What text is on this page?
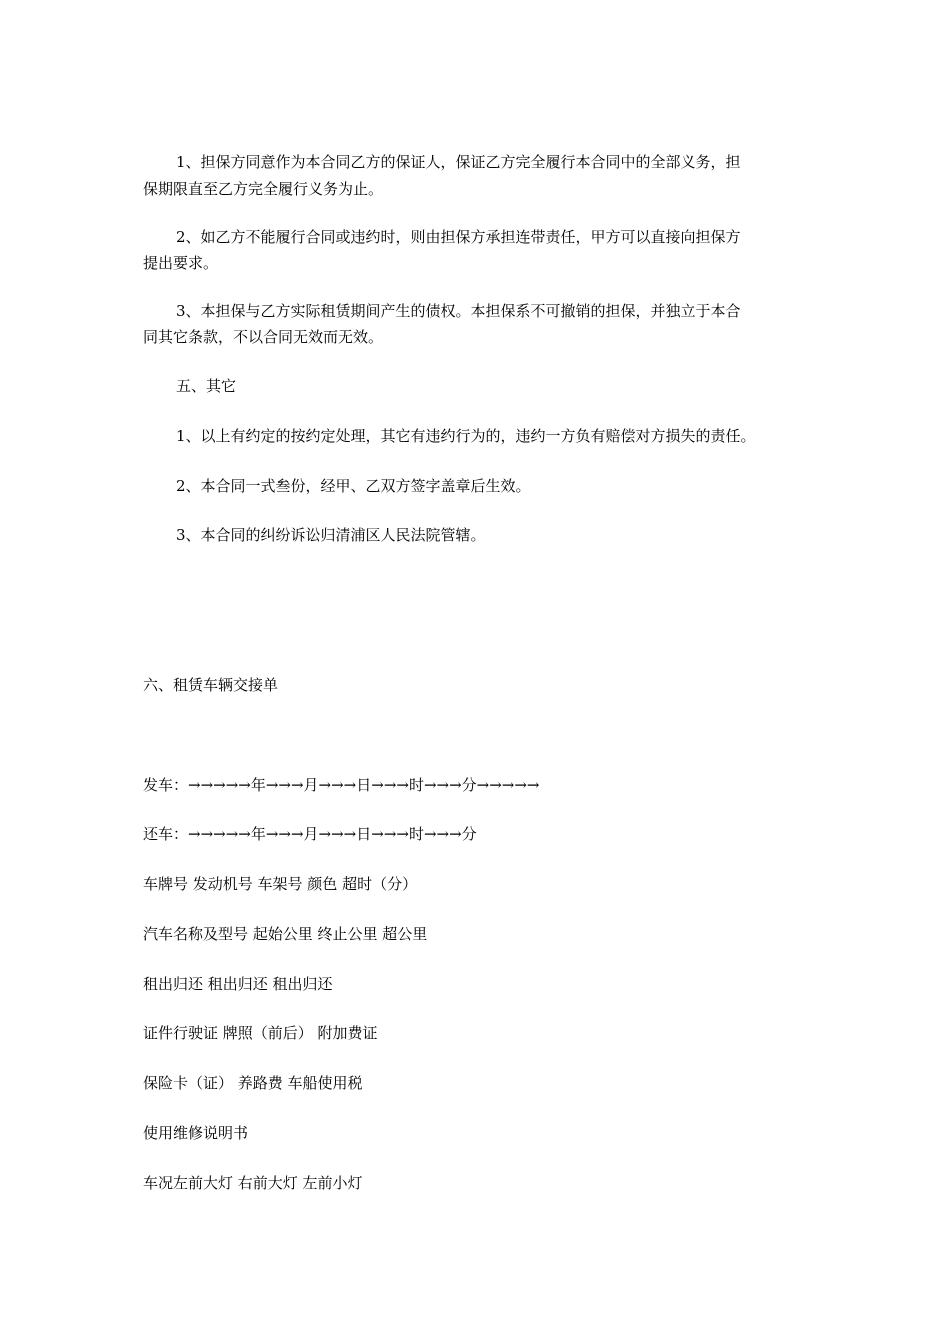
1、担保方同意作为本合同乙方的保证人，保证乙方完全履行本合同中的全部义务，担
保期限直至乙方完全履行义务为止。
2、如乙方不能履行合同或违约时，则由担保方承担连带责任，甲方可以直接向担保方
提出要求。
3、本担保与乙方实际租赁期间产生的债权。本担保系不可撤销的担保，并独立于本合
同其它条款，不以合同无效而无效。
五、其它
1、以上有约定的按约定处理，其它有违约行为的，违约一方负有赔偿对方损失的责任。
2、本合同一式叁份，经甲、乙双方签字盖章后生效。
3、本合同的纠纷诉讼归清浦区人民法院管辖。
六、租赁车辆交接单
发车：→→→→→年→→→月→→→日→→→时→→→分→→→→→
还车：→→→→→年→→→月→→→日→→→时→→→分
车牌号 发动机号 车架号 颜色 超时（分）
汽车名称及型号 起始公里 终止公里 超公里
租出归还 租出归还 租出归还
证件行驶证 牌照（前后） 附加费证
保险卡（证） 养路费 车船使用税
使用维修说明书
车况左前大灯 右前大灯 左前小灯
